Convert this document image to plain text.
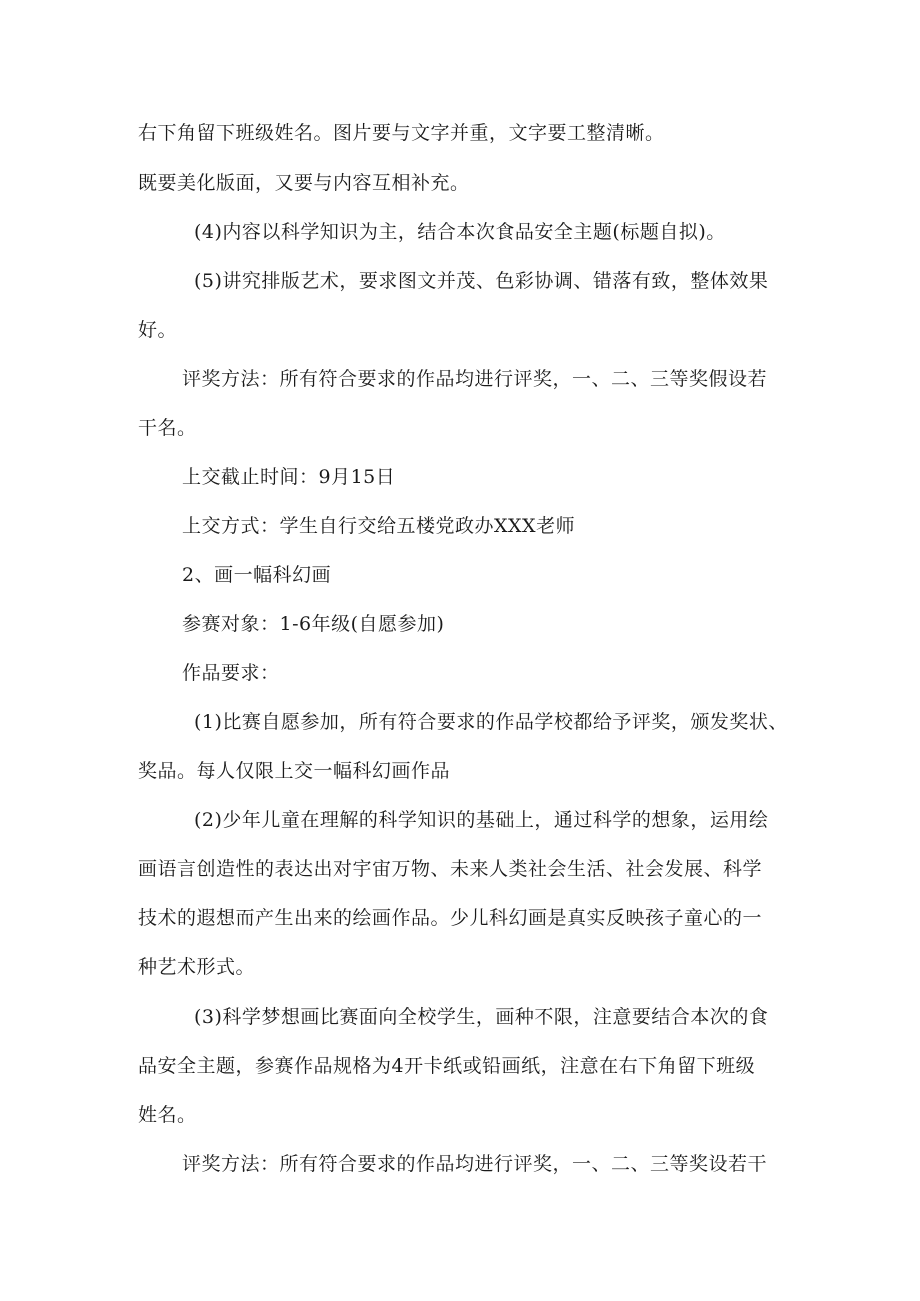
右下角留下班级姓名。图片要与文字并重，文字要工整清晰。
既要美化版面，又要与内容互相补充。
(4)内容以科学知识为主，结合本次食品安全主题(标题自拟)。
(5)讲究排版艺术，要求图文并茂、色彩协调、错落有致，整体效果
好。
评奖方法：所有符合要求的作品均进行评奖，一、二、三等奖假设若
干名。
上交截止时间：9月15日
上交方式：学生自行交给五楼党政办XXX老师
2、画一幅科幻画
参赛对象：1-6年级(自愿参加)
作品要求：
(1)比赛自愿参加，所有符合要求的作品学校都给予评奖，颁发奖状、
奖品。每人仅限上交一幅科幻画作品
(2)少年儿童在理解的科学知识的基础上，通过科学的想象，运用绘
画语言创造性的表达出对宇宙万物、未来人类社会生活、社会发展、科学
技术的遐想而产生出来的绘画作品。少儿科幻画是真实反映孩子童心的一
种艺术形式。
(3)科学梦想画比赛面向全校学生，画种不限，注意要结合本次的食
品安全主题，参赛作品规格为4开卡纸或铅画纸，注意在右下角留下班级
姓名。
评奖方法：所有符合要求的作品均进行评奖，一、二、三等奖设若干
